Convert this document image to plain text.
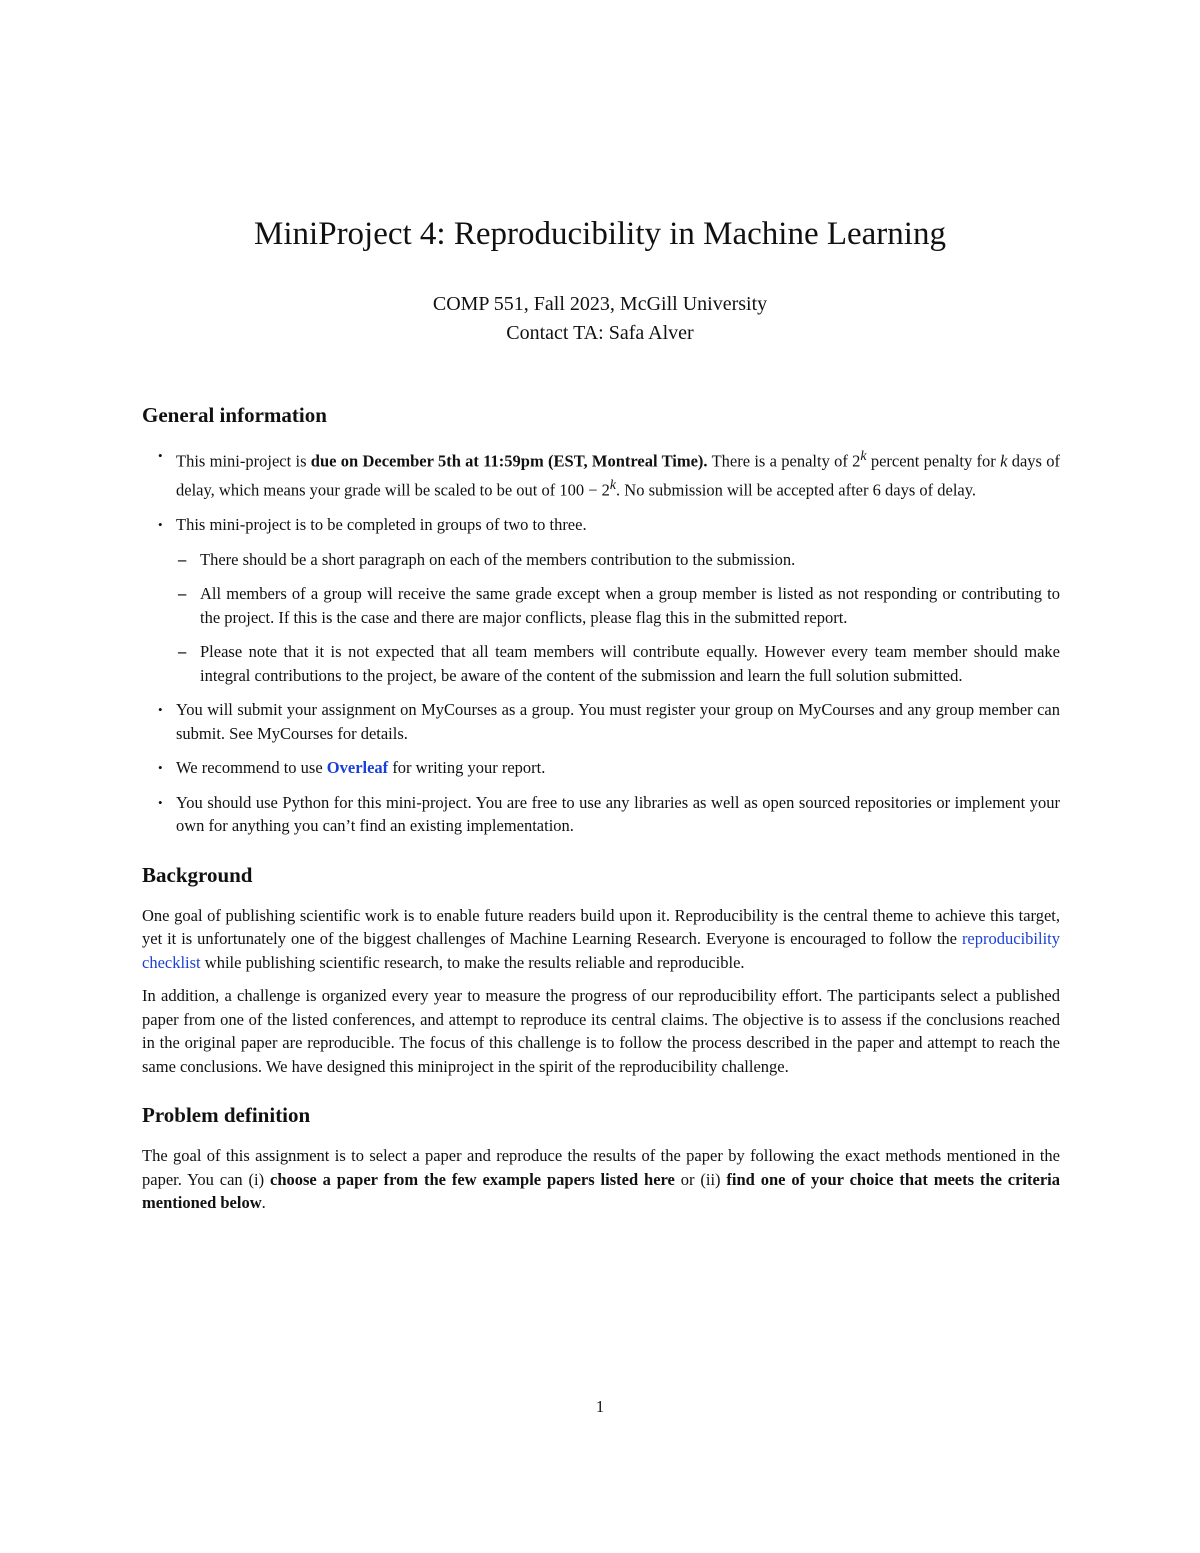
MiniProject 4: Reproducibility in Machine Learning
COMP 551, Fall 2023, McGill University
Contact TA: Safa Alver
General information
• This mini-project is due on December 5th at 11:59pm (EST, Montreal Time). There is a penalty of 2$^k$ percent penalty for k days of delay, which means your grade will be scaled to be out of $100 - 2^k$. No submission will be accepted after 6 days of delay.
• This mini-project is to be completed in groups of two to three.
– There should be a short paragraph on each of the members contribution to the submission.
– All members of a group will receive the same grade except when a group member is listed as not responding or contributing to the project. If this is the case and there are major conflicts, please flag this in the submitted report.
– Please note that it is not expected that all team members will contribute equally. However every team member should make integral contributions to the project, be aware of the content of the submission and learn the full solution submitted.
• You will submit your assignment on MyCourses as a group. You must register your group on MyCourses and any group member can submit. See MyCourses for details.
• We recommend to use Overleaf for writing your report.
• You should use Python for this mini-project. You are free to use any libraries as well as open sourced repositories or implement your own for anything you can’t find an existing implementation.
Background

One goal of publishing scientific work is to enable future readers build upon it. Reproducibility is the central theme to achieve this target, yet it is unfortunately one of the biggest challenges of Machine Learning Research. Everyone is encouraged to follow the reproducibility checklist while publishing scientific research, to make the results reliable and reproducible.

In addition, a challenge is organized every year to measure the progress of our reproducibility effort. The participants select a published paper from one of the listed conferences, and attempt to reproduce its central claims. The objective is to assess if the conclusions reached in the original paper are reproducible. The focus of this challenge is to follow the process described in the paper and attempt to reach the same conclusions. We have designed this miniproject in the spirit of the reproducibility challenge.

Problem definition

The goal of this assignment is to select a paper and reproduce the results of the paper by following the exact methods mentioned in the paper. You can (i) choose a paper from the few example papers listed here or (ii) find one of your choice that meets the criteria mentioned below.

1
